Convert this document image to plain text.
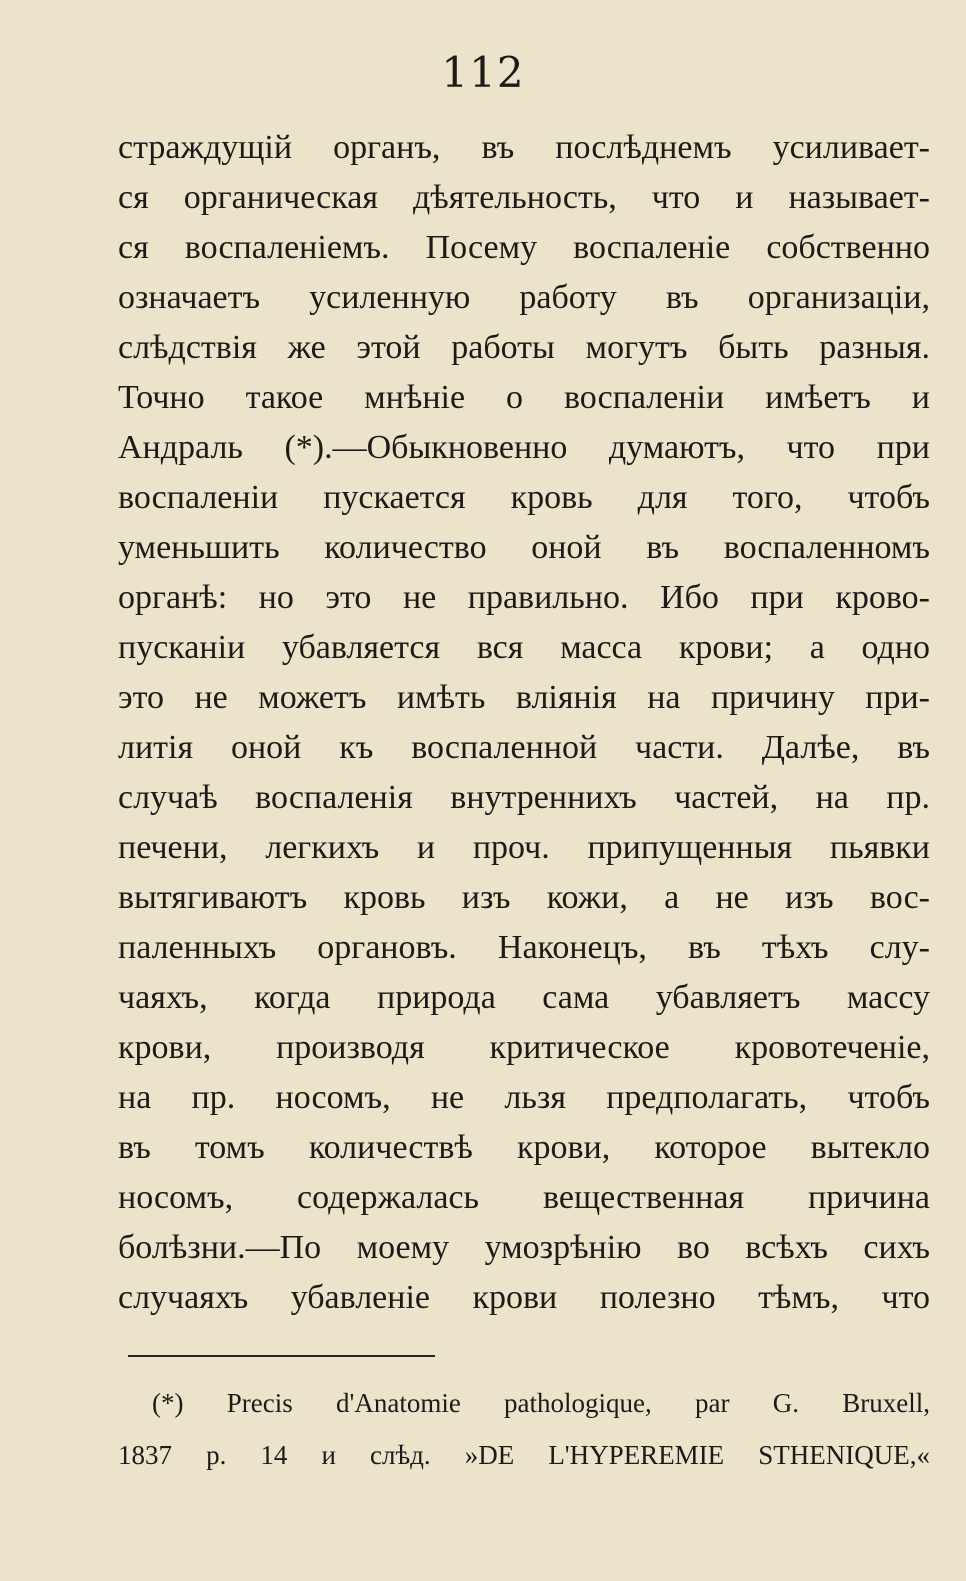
112
страждущій органъ, въ послѣднемъ усиливает-
ся органическая дѣятельность, что и называет-
ся воспаленіемъ. Посему воспаленіе собственно
означаетъ усиленную работу въ организаціи,
слѣдствія же этой работы могутъ быть разныя.
Точно такое мнѣніе о воспаленіи имѣетъ и
Андраль (*).—Обыкновенно думаютъ, что при
воспаленіи пускается кровь для того, чтобъ
уменьшить количество оной въ воспаленномъ
органѣ: но это не правильно. Ибо при крово-
пусканіи убавляется вся масса крови; а одно
это не можетъ имѣть вліянія на причину при-
литія оной къ воспаленной части. Далѣе, въ
случаѣ воспаленія внутреннихъ частей, на пр.
печени, легкихъ и проч. припущенныя пьявки
вытягиваютъ кровь изъ кожи, а не изъ вос-
паленныхъ органовъ. Наконецъ, въ тѣхъ слу-
чаяхъ, когда природа сама убавляетъ массу
крови, производя критическое кровотеченіе,
на пр. носомъ, не льзя предполагать, чтобъ
въ томъ количествѣ крови, которое вытекло
носомъ, содержалась вещественная причина
болѣзни.—По моему умозрѣнію во всѣхъ сихъ
случаяхъ убавленіе крови полезно тѣмъ, что
(*) Precis d'Anatomie pathologique, par G. Bruxell,
1837 p. 14 и слѣд. »DE L'HYPEREMIE STHENIQUE,«
